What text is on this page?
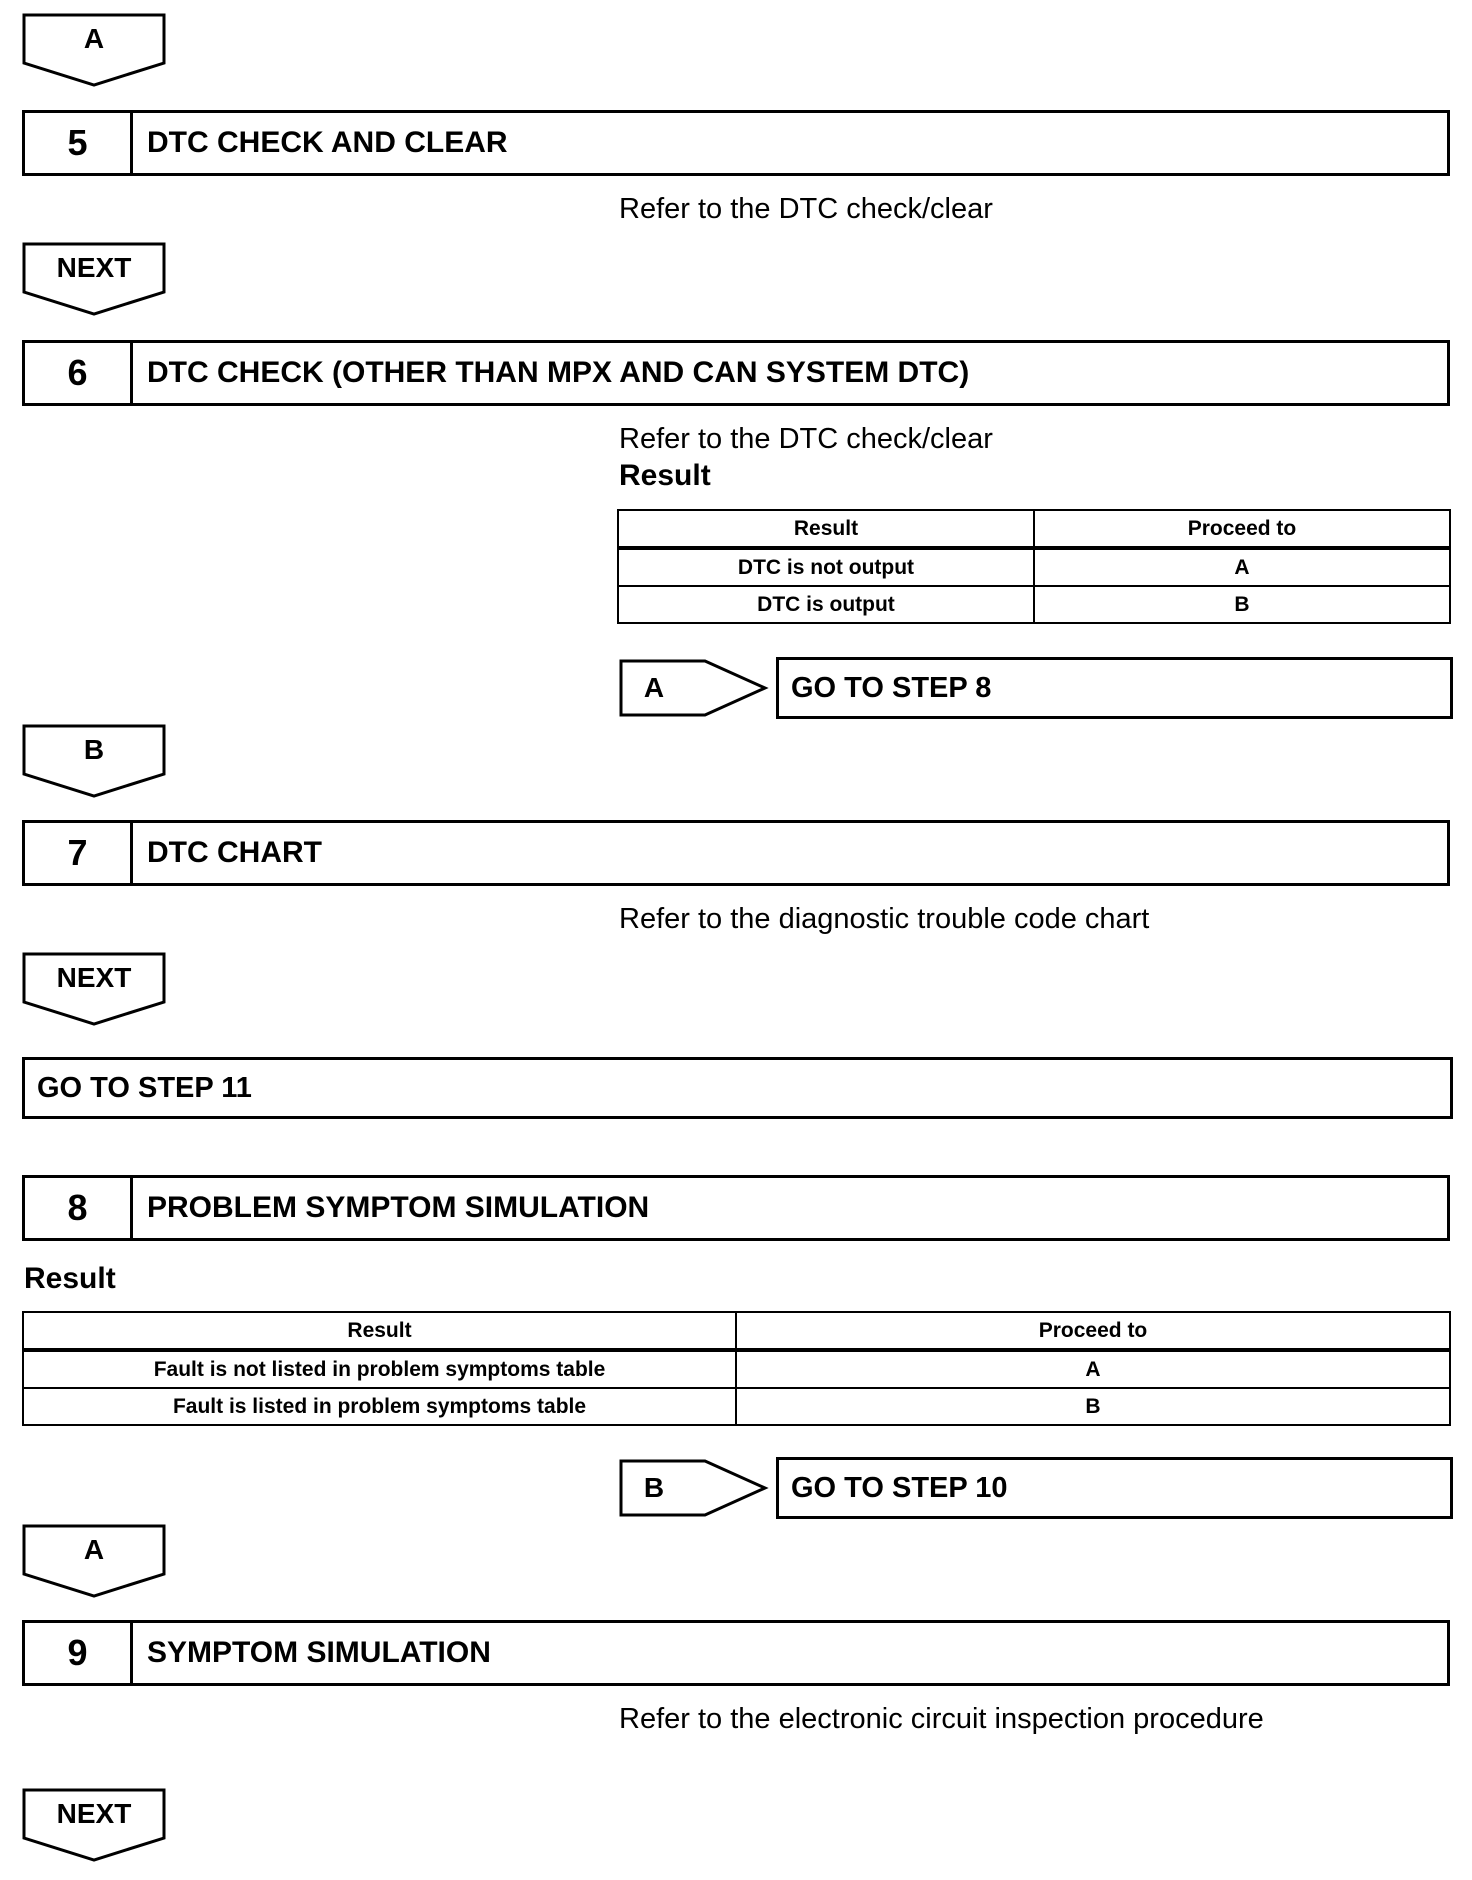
A
5	DTC CHECK AND CLEAR
Refer to the DTC check/clear
NEXT
6	DTC CHECK (OTHER THAN MPX AND CAN SYSTEM DTC)
Refer to the DTC check/clear
Result
Result	Proceed to
DTC is not output	A
DTC is output	B
A	GO TO STEP 8
B
7	DTC CHART
Refer to the diagnostic trouble code chart
NEXT
GO TO STEP 11
8	PROBLEM SYMPTOM SIMULATION
Result
Result	Proceed to
Fault is not listed in problem symptoms table	A
Fault is listed in problem symptoms table	B
B	GO TO STEP 10
A
9	SYMPTOM SIMULATION
Refer to the electronic circuit inspection procedure
NEXT
